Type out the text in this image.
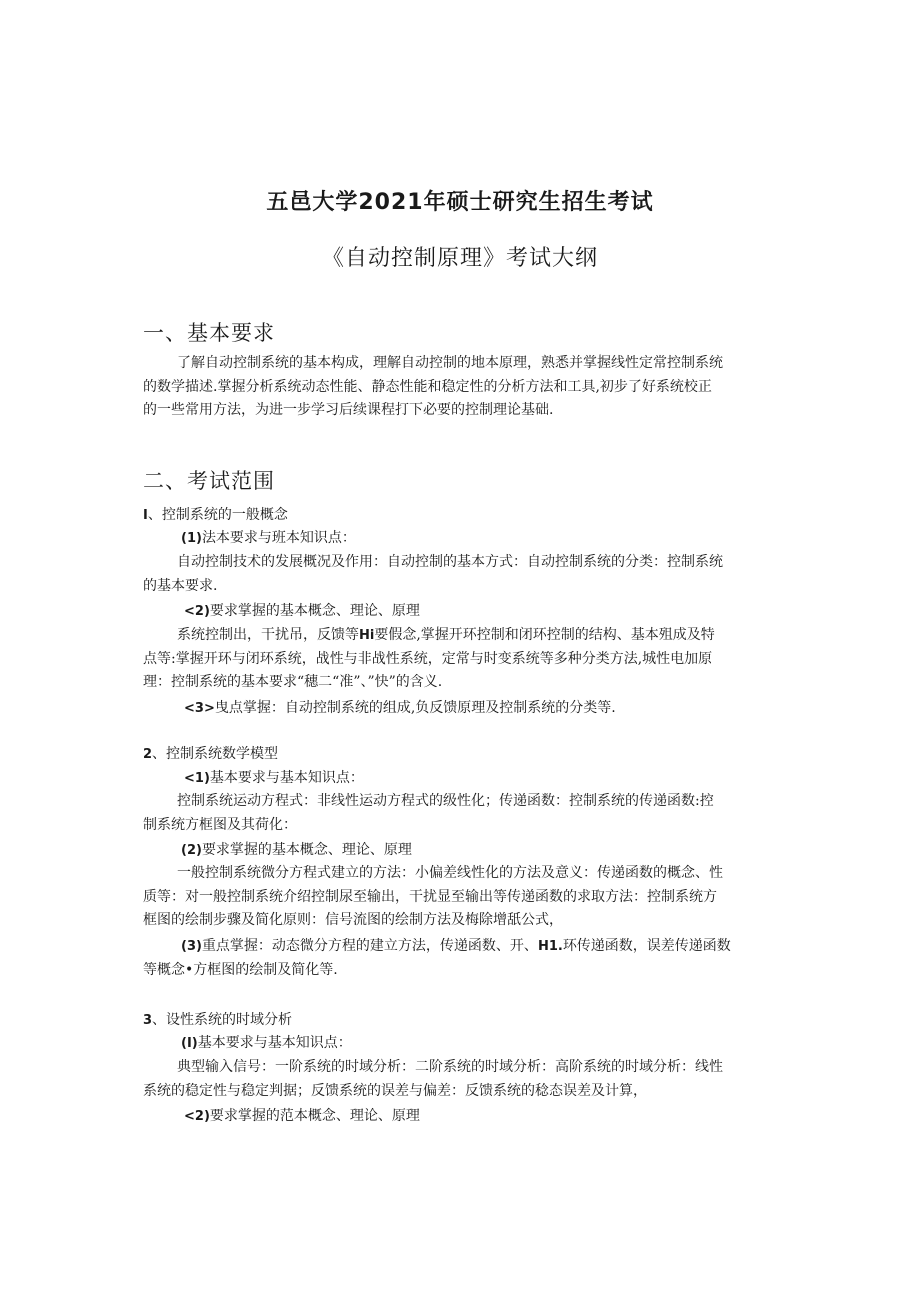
五邑大学2021年硕士研究生招生考试
《自动控制原理》考试大纲
一、基本要求
了解自动控制系统的基本构成，理解自动控制的地本原理，熟悉并掌握线性定常控制系统
的数学描述.掌握分析系统动态性能、静态性能和稳定性的分析方法和工具,初步了好系统校正
的一些常用方法，为进一步学习后续课程打下必要的控制理论基础.
二、考试范围
I、控制系统的一般概念
(1)法本要求与班本知识点：
自动控制技术的发展概况及作用：自动控制的基本方式：自动控制系统的分类：控制系统
的基本要求.
<2)要求掌握的基本概念、理论、原理
系统控制出，干扰吊，反馈等Hi要假念,掌握开环控制和闭环控制的结构、基本殂成及特
点等:掌握开环与闭环系统，战性与非战性系统，定常与时变系统等多种分类方法,城性电加原
理：控制系统的基本要求“穗二“准”、”快”的含义.
<3>曳点掌握：自动控制系统的组成,负反馈原理及控制系统的分类等.
2、控制系统数学模型
<1)基本要求与基本知识点：
控制系统运动方程式：非线性运动方程式的级性化；传递函数：控制系统的传递函数:控
制系统方框图及其荷化：
(2)要求掌握的基本概念、理论、原理
一般控制系统微分方程式建立的方法：小偏差线性化的方法及意义：传递函数的概念、性
质等：对一般控制系统介绍控制尿至输出，干扰显至输出等传递函数的求取方法：控制系统方
框图的绘制步骤及简化原则：信号流图的绘制方法及梅除增舐公式，
(3)重点掌握：动态微分方程的建立方法，传递函数、开、H1.环传递函数，误差传递函数
等概念•方框图的绘制及简化等.
3、设性系统的时域分析
(I)基本要求与基本知识点：
典型输入信号：一阶系统的时域分析：二阶系统的时域分析：高阶系统的时域分析：线性
系统的稳定性与稳定判据；反馈系统的误差与偏差：反馈系统的稔态误差及计算，
<2)要求掌握的范本概念、理论、原理
